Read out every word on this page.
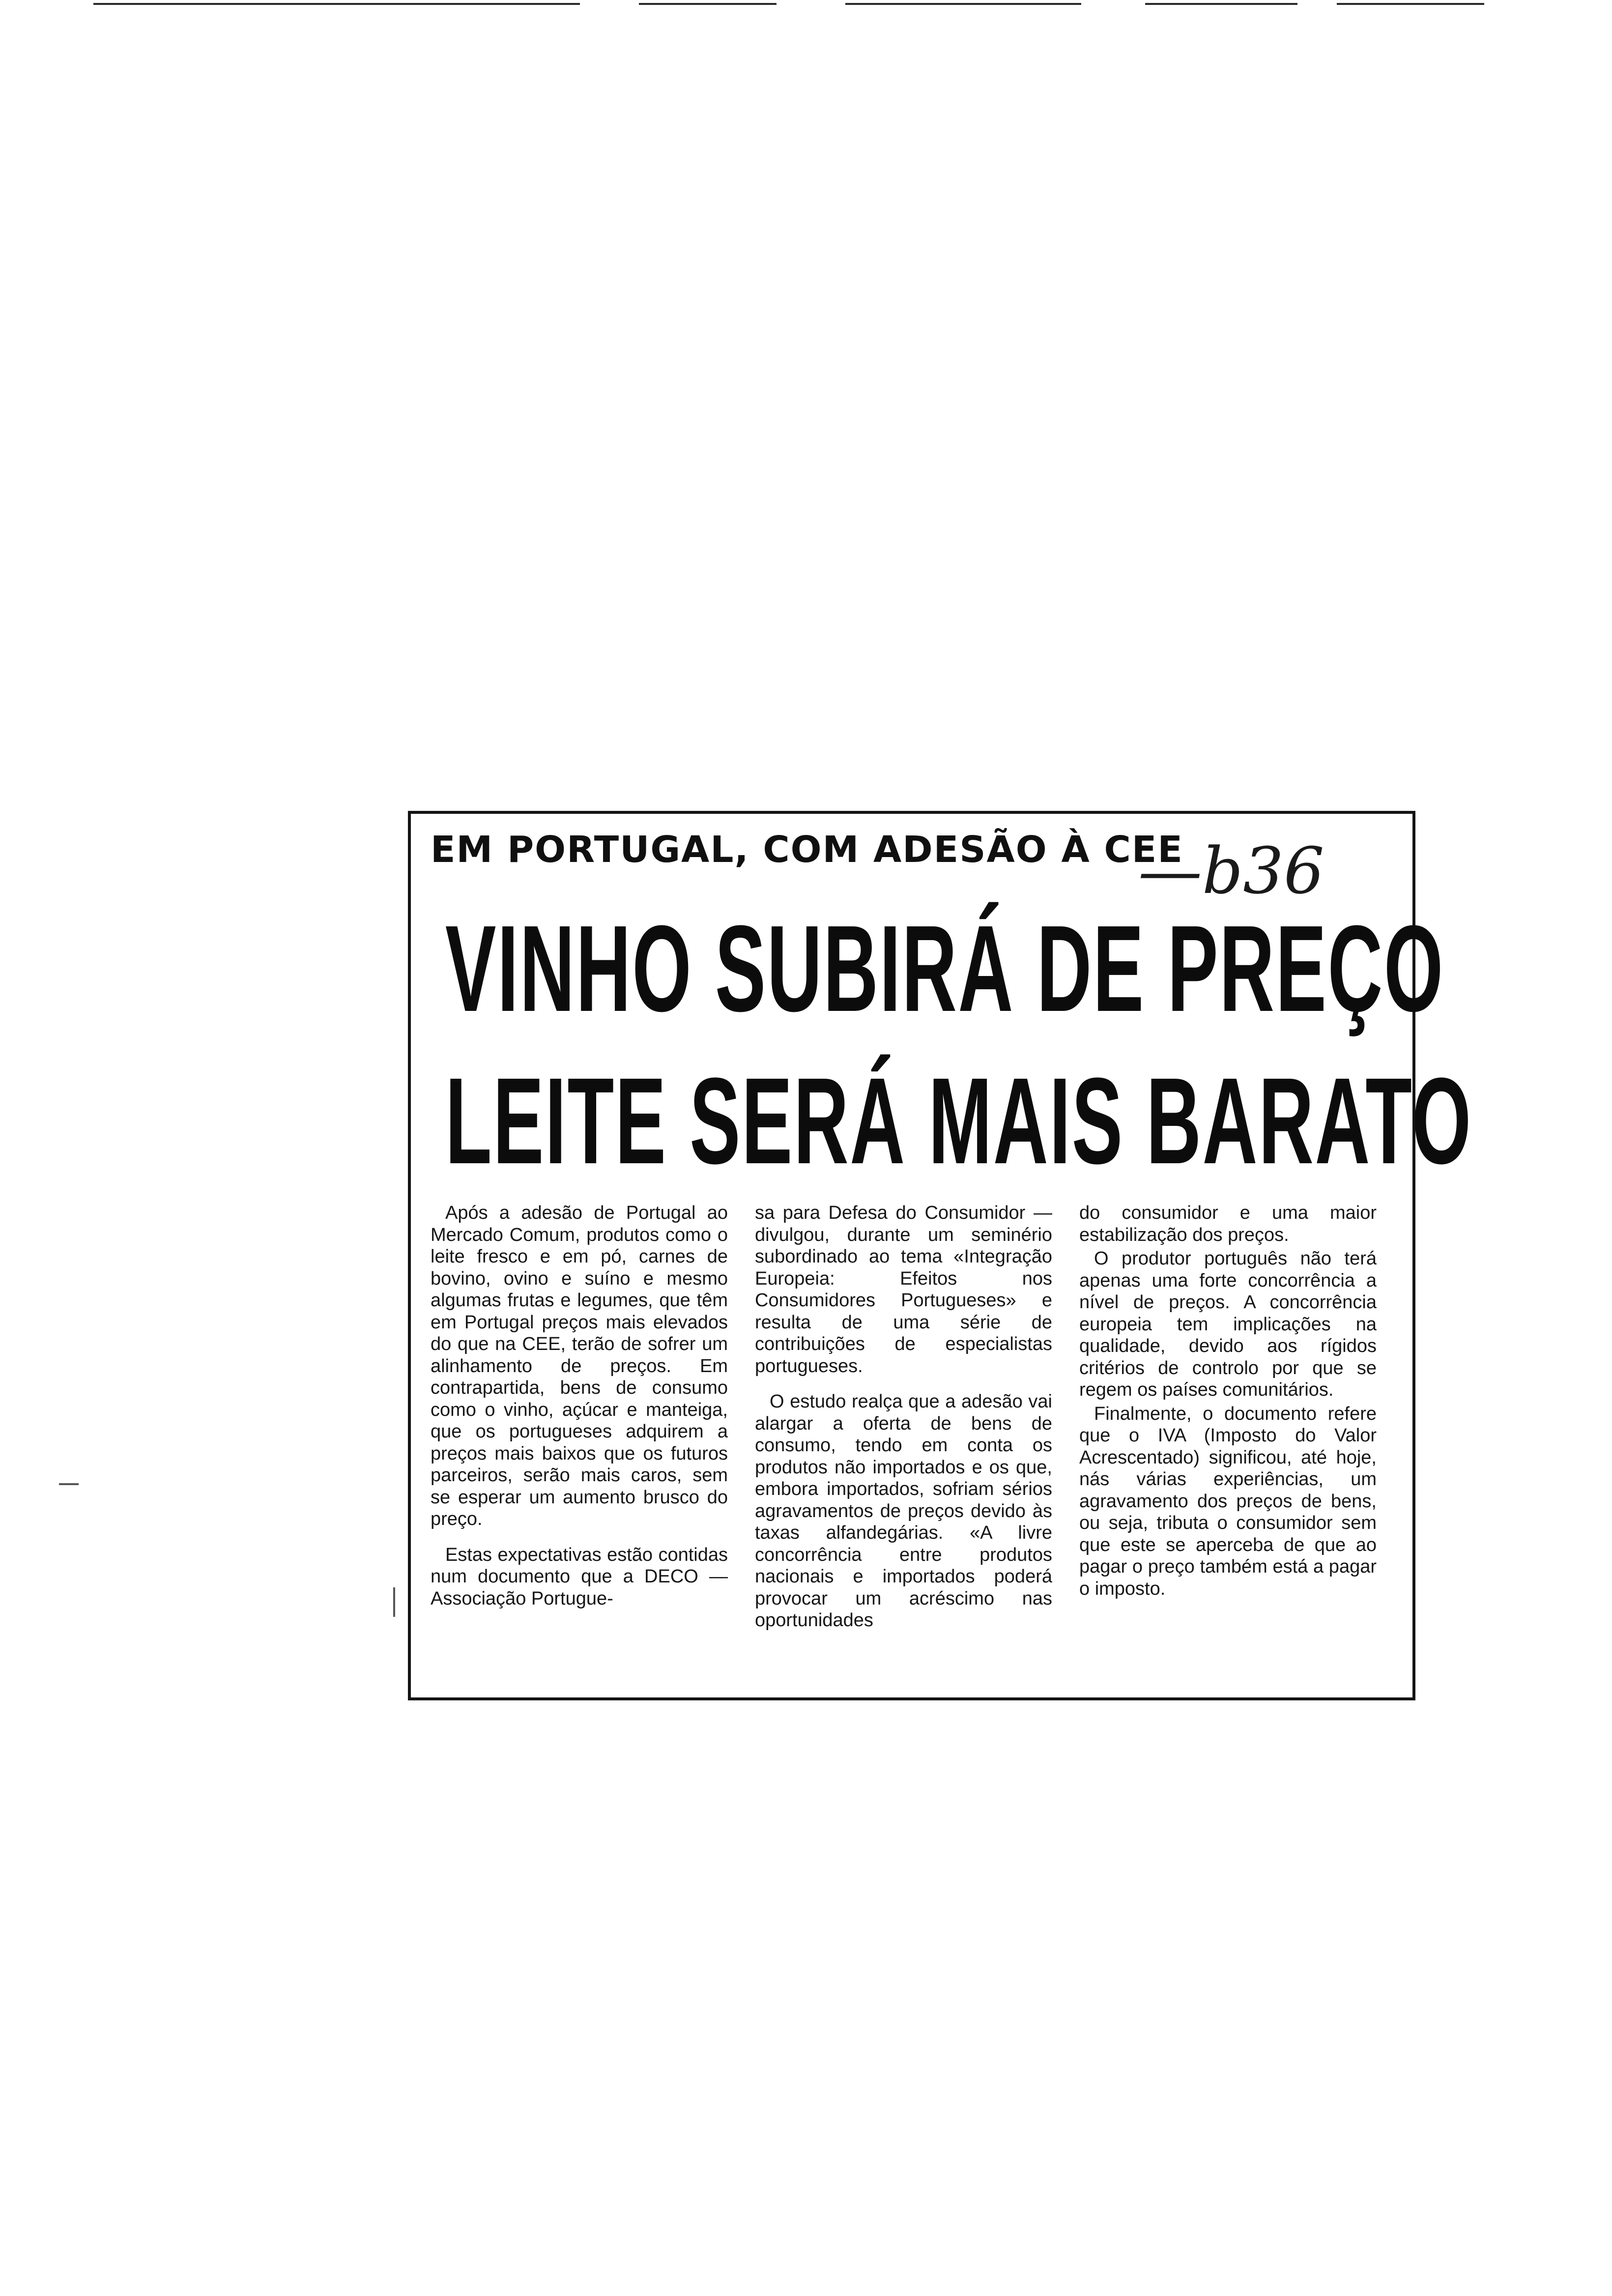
EM PORTUGAL, COM ADESÃO À CEE
—b36
VINHO SUBIRÁ DE PREÇO
LEITE SERÁ MAIS BARATO

Após a adesão de Portugal ao Mercado Comum, produtos como o leite fresco e em pó, carnes de bovino, ovino e suíno e mesmo algumas frutas e legumes, que têm em Portugal preços mais elevados do que na CEE, terão de sofrer um alinhamento de preços. Em contrapartida, bens de consumo como o vinho, açúcar e manteiga, que os portugueses adquirem a preços mais baixos que os futuros parceiros, serão mais caros, sem se esperar um aumento brusco do preço.

Estas expectativas estão contidas num documento que a DECO — Associação Portugue-

sa para Defesa do Consumidor — divulgou, durante um seminério subordinado ao tema «Integração Europeia: Efeitos nos Consumidores Portugueses» e resulta de uma série de contribuições de especialistas portugueses.

O estudo realça que a adesão vai alargar a oferta de bens de consumo, tendo em conta os produtos não importados e os que, embora importados, sofriam sérios agravamentos de preços devido às taxas alfandegárias. «A livre concorrência entre produtos nacionais e importados poderá provocar um acréscimo nas oportunidades

do consumidor e uma maior estabilização dos preços.

O produtor português não terá apenas uma forte concorrência a nível de preços. A concorrência europeia tem implicações na qualidade, devido aos rígidos critérios de controlo por que se regem os países comunitários.

Finalmente, o documento refere que o IVA (Imposto do Valor Acrescentado) significou, até hoje, nás várias experiências, um agravamento dos preços de bens, ou seja, tributa o consumidor sem que este se aperceba de que ao pagar o preço também está a pagar o imposto.
